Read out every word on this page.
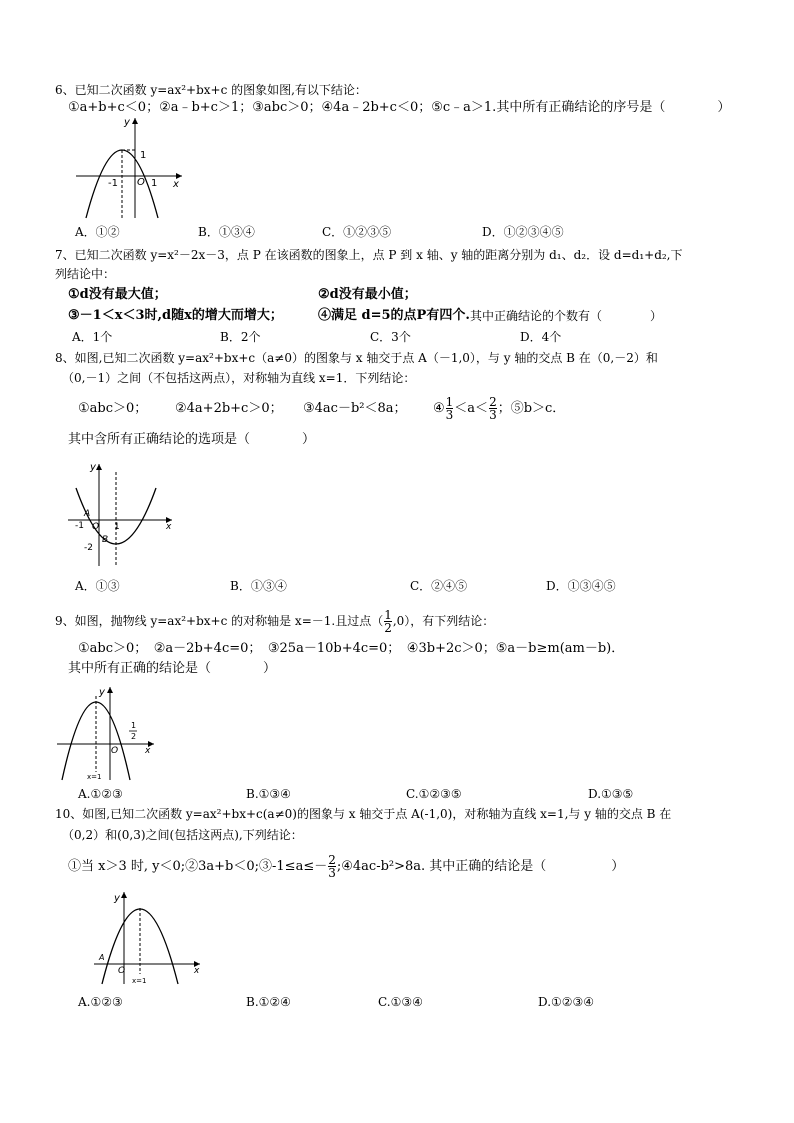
6、已知二次函数 y=ax²+bx+c 的图象如图,有以下结论：
①a+b+c＜0；②a﹣b+c＞1；③abc＞0；④4a﹣2b+c＜0；⑤c﹣a＞1.其中所有正确结论的序号是（　　　　）
y
1
-1 O 1 x
A．①②	B．①③④	C．①②③⑤	D．①②③④⑤
7、已知二次函数 y=x²－2x－3，点 P 在该函数的图象上，点 P 到 x 轴、y 轴的距离分别为 d₁、d₂．设 d=d₁+d₂,下
列结论中：
①d没有最大值；	②d没有最小值；
③－1＜x＜3时,d随x的增大而增大；	④满足 d=5的点P有四个. 其中正确结论的个数有（　　　　）
A．1个	B．2个	C．3个	D．4个
8、如图,已知二次函数 y=ax²+bx+c（a≠0）的图象与 x 轴交于点 A（－1,0），与 y 轴的交点 B 在（0,－2）和
（0,－1）之间（不包括这两点），对称轴为直线 x=1．下列结论：
①abc＞0； ②4a+2b+c＞0； ③4ac－b²＜8a； ④ $\frac{1}{3} <a< \frac{2}{3}$ ；⑤b＞c．
其中含所有正确结论的选项是（　　　　）
y
A
-1 O 1	x
-2
B
A．①③	B．①③④	C．②④⑤	D．①③④⑤
9、如图，抛物线 y=ax²+bx+c 的对称轴是 x=－1.且过点（ $\frac{1}{2} ,0$），有下列结论：
①abc＞0；　②a－2b+4c=0；　③25a－10b+4c=0；　④3b+2c＞0；⑤a－b≥m(am－b)．
其中所有正确的结论是（　　　　）
y
O
1
2
x
x=1
A.①②③	B.①③④	C.①②③⑤	D.①③⑤
10、如图,已知二次函数 y=ax²+bx+c(a≠0)的图象与 x 轴交于点 A(-1,0)，对称轴为直线 x=1,与 y 轴的交点 B 在
（0,2）和(0,3)之间(包括这两点),下列结论：
①当 x＞3 时, y＜0;②3a+b＜0;③-1≤a≤－ $\frac{2}{3}$ ;④4ac-b²>8a. 其中正确的结论是（　　　　　）
y
A
O	x
x=1
A.①②③	B.①②④	C.①③④	D.①②③④
